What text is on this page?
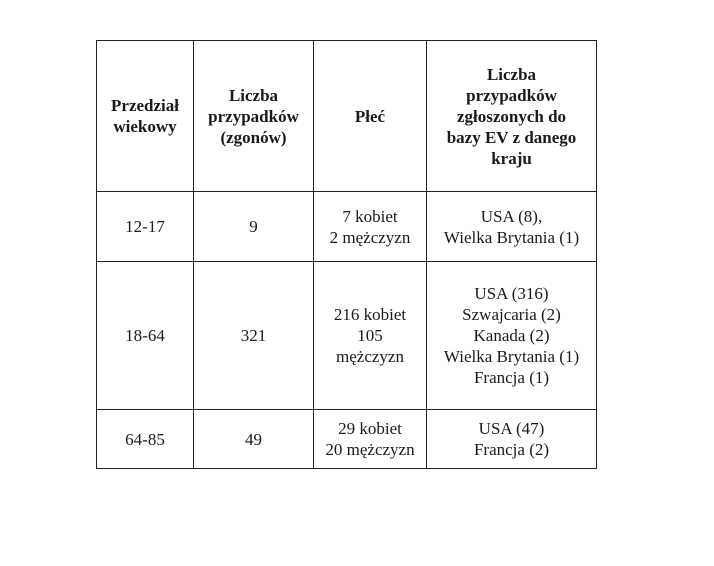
Przedział
wiekowy	Liczba
przypadków
(zgonów)	Płeć	Liczba
przypadków
zgłoszonych do
bazy EV z danego
kraju

12-17	9	7 kobiet
2 mężczyzn	USA (8),
Wielka Brytania (1)

18-64	321	216 kobiet
105
mężczyzn	USA (316)
Szwajcaria (2)
Kanada (2)
Wielka Brytania (1)
Francja (1)

64-85	49	29 kobiet
20 mężczyzn	USA (47)
Francja (2)
